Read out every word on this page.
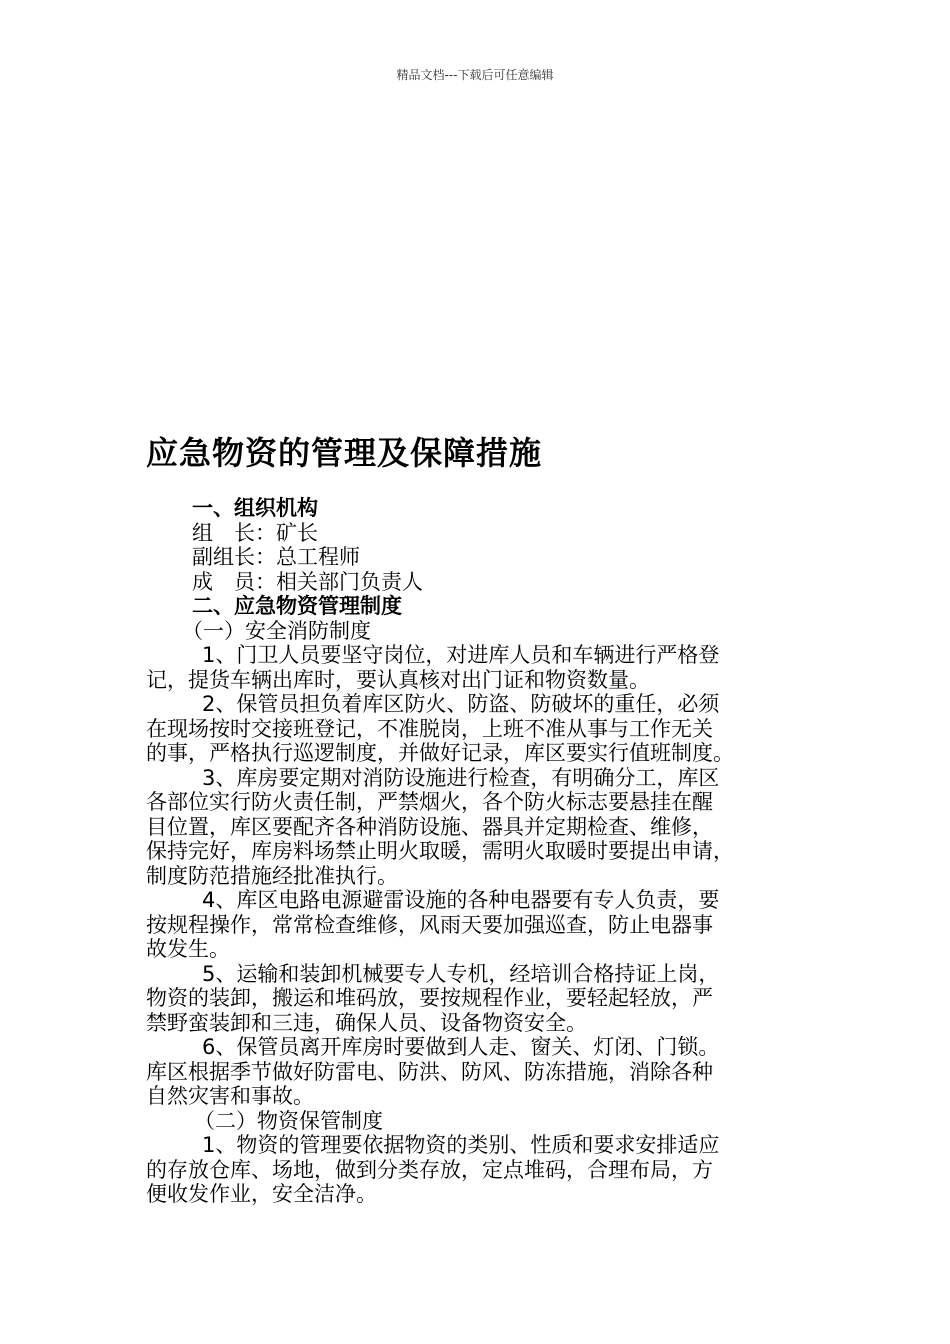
精品文档---下载后可任意编辑
应急物资的管理及保障措施

一、组织机构

组　长：矿长

副组长：总工程师

成　员：相关部门负责人

二、应急物资管理制度

（一）安全消防制度

1、门卫人员要坚守岗位，对进库人员和车辆进行严格登

记，提货车辆出库时，要认真核对出门证和物资数量。

2、保管员担负着库区防火、防盗、防破坏的重任，必须

在现场按时交接班登记，不准脱岗，上班不准从事与工作无关

的事，严格执行巡逻制度，并做好记录，库区要实行值班制度。

3、库房要定期对消防设施进行检查，有明确分工，库区

各部位实行防火责任制，严禁烟火，各个防火标志要悬挂在醒

目位置，库区要配齐各种消防设施、器具并定期检查、维修，

保持完好，库房料场禁止明火取暖，需明火取暖时要提出申请，

制度防范措施经批准执行。

4、库区电路电源避雷设施的各种电器要有专人负责，要

按规程操作，常常检查维修，风雨天要加强巡查，防止电器事

故发生。

5、运输和装卸机械要专人专机，经培训合格持证上岗，

物资的装卸，搬运和堆码放，要按规程作业，要轻起轻放，严

禁野蛮装卸和三违，确保人员、设备物资安全。

6、保管员离开库房时要做到人走、窗关、灯闭、门锁。

库区根据季节做好防雷电、防洪、防风、防冻措施，消除各种

自然灾害和事故。

（二）物资保管制度

1、物资的管理要依据物资的类别、性质和要求安排适应

的存放仓库、场地，做到分类存放，定点堆码，合理布局，方

便收发作业，安全洁净。
